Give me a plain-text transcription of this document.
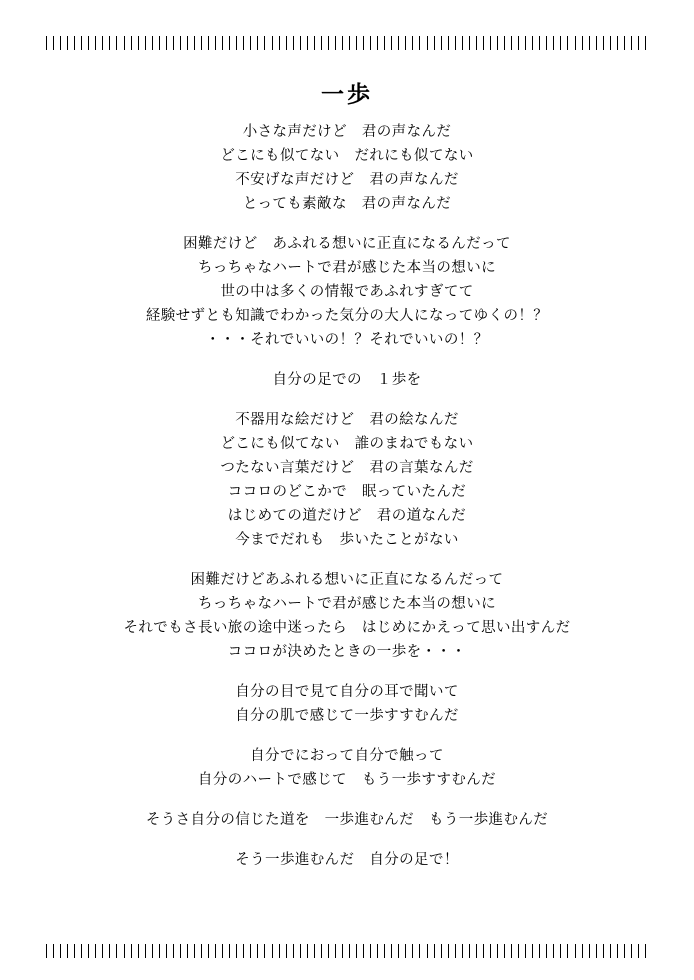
一歩
小さな声だけど　君の声なんだ
どこにも似てない　だれにも似てない
不安げな声だけど　君の声なんだ
とっても素敵な　君の声なんだ
困難だけど　あふれる想いに正直になるんだって
ちっちゃなハートで君が感じた本当の想いに
世の中は多くの情報であふれすぎてて
経験せずとも知識でわかった気分の大人になってゆくの！？
・・・それでいいの！？それでいいの！？
自分の足での　１歩を
不器用な絵だけど　君の絵なんだ
どこにも似てない　誰のまねでもない
つたない言葉だけど　君の言葉なんだ
ココロのどこかで　眠っていたんだ
はじめての道だけど　君の道なんだ
今までだれも　歩いたことがない
困難だけどあふれる想いに正直になるんだって
ちっちゃなハートで君が感じた本当の想いに
それでもさ長い旅の途中迷ったら　はじめにかえって思い出すんだ
ココロが決めたときの一歩を・・・
自分の目で見て自分の耳で聞いて
自分の肌で感じて一歩すすむんだ
自分でにおって自分で触って
自分のハートで感じて　もう一歩すすむんだ
そうさ自分の信じた道を　一歩進むんだ　もう一歩進むんだ
そう一歩進むんだ　自分の足で！
